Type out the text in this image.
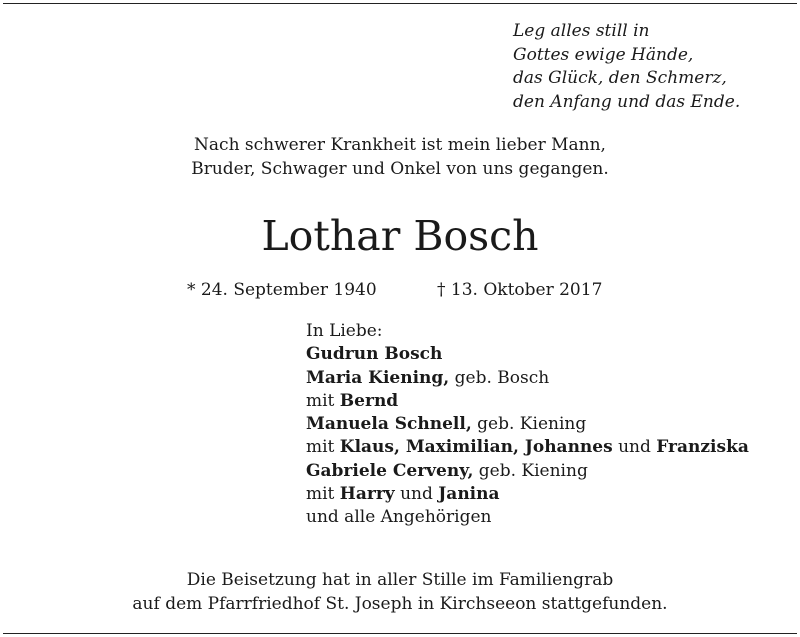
Leg alles still in
Gottes ewige Hände,
das Glück, den Schmerz,
den Anfang und das Ende.
Nach schwerer Krankheit ist mein lieber Mann,
Bruder, Schwager und Onkel von uns gegangen.
Lothar Bosch
* 24. September 1940	† 13. Oktober 2017
In Liebe:
Gudrun Bosch
Maria Kiening, geb. Bosch
mit Bernd
Manuela Schnell, geb. Kiening
mit Klaus, Maximilian, Johannes und Franziska
Gabriele Cerveny, geb. Kiening
mit Harry und Janina
und alle Angehörigen
Die Beisetzung hat in aller Stille im Familiengrab
auf dem Pfarrfriedhof St. Joseph in Kirchseeon stattgefunden.
